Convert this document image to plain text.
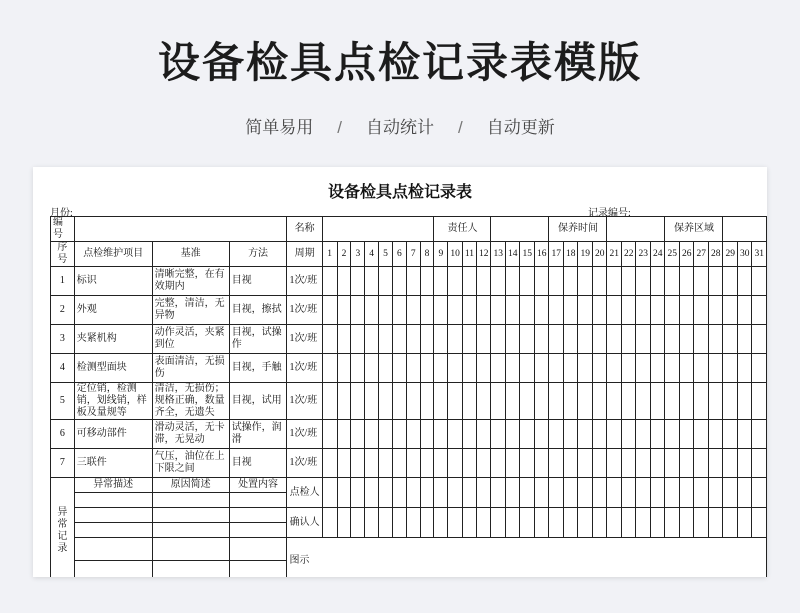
设备检具点检记录表模版
简单易用 / 自动统计 / 自动更新
设备检具点检记录表
月份:	记录编号:
编号				名称									责任人								保养时间								保养区域						
序号	点检维护项目	基准	方法	周期	1	2	3	4	5	6	7	8	9	10	11	12	13	14	15	16	17	18	19	20	21	22	23	24	25	26	27	28	29	30	31
1	标识	清晰完整，在有效期内	目视	1次/班																															
2	外观	完整，清洁，无异物	目视，擦拭	1次/班																															
3	夹紧机构	动作灵活，夹紧到位	目视，试操作	1次/班																															
4	检测型面块	表面清洁，无损伤	目视，手触	1次/班																															
5	定位销，检测销，划线销，样板及量规等	清洁，无损伤；规格正确，数量齐全，无遗失	目视，试用	1次/班																															
6	可移动部件	滑动灵活，无卡滞，无晃动	试操作，润滑	1次/班																															
7	三联件	气压，油位在上下限之间	目视	1次/班																															

异常记录	异常描述	原因简述	处置内容	点检人																															

				确认人																															

				图示																															
